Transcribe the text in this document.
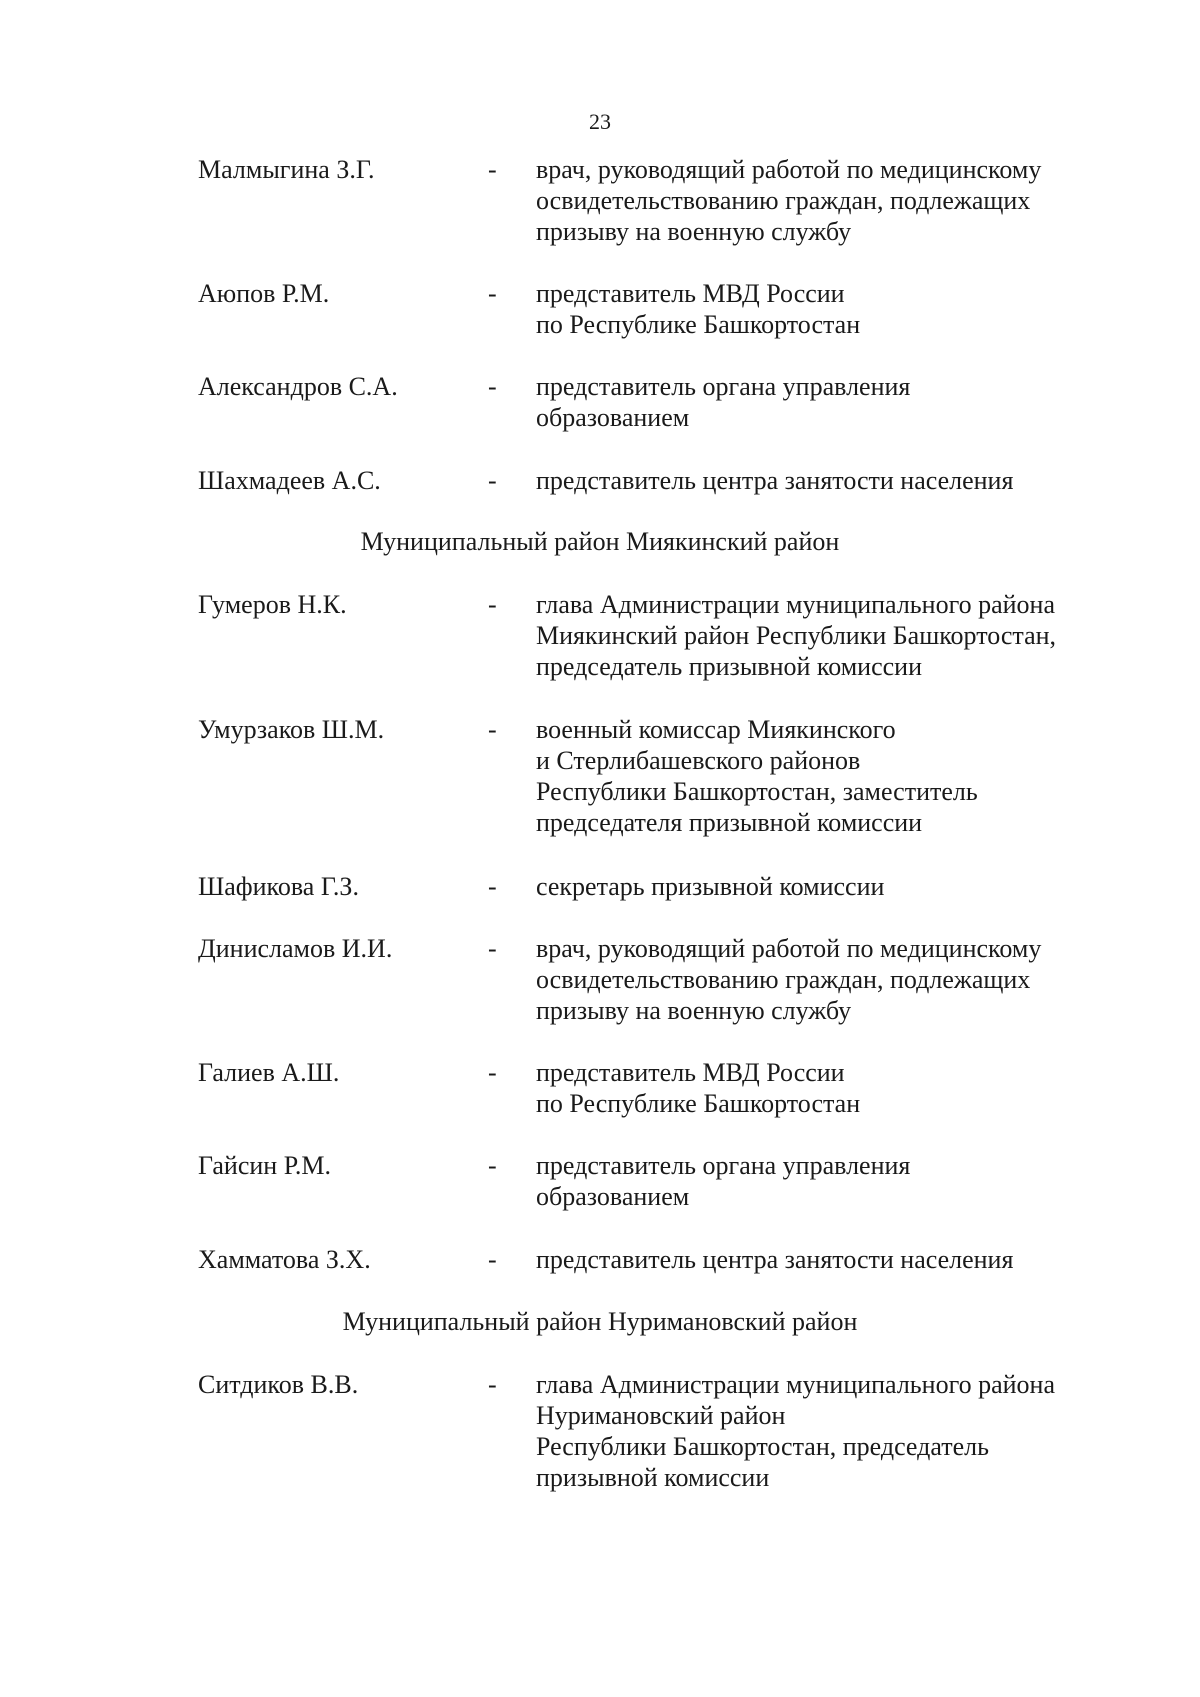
23
Малмыгина З.Г.	- врач, руководящий работой по медицинскому
освидетельствованию граждан, подлежащих
призыву на военную службу
Аюпов Р.М.	- представитель МВД России
по Республике Башкортостан
Александров С.А.	- представитель органа управления
образованием
Шахмадеев А.С.	- представитель центра занятости населения
Муниципальный район Миякинский район
Гумеров Н.К.	- глава Администрации муниципального района
Миякинский район Республики Башкортостан,
председатель призывной комиссии
Умурзаков Ш.М.	- военный комиссар Миякинского
и Стерлибашевского районов
Республики Башкортостан, заместитель
председателя призывной комиссии
Шафикова Г.З.	- секретарь призывной комиссии
Динисламов И.И.	- врач, руководящий работой по медицинскому
освидетельствованию граждан, подлежащих
призыву на военную службу
Галиев А.Ш.	- представитель МВД России
по Республике Башкортостан
Гайсин Р.М.	- представитель органа управления
образованием
Хамматова З.Х.	- представитель центра занятости населения
Муниципальный район Нуримановский район
Ситдиков В.В.	- глава Администрации муниципального района
Нуримановский район
Республики Башкортостан, председатель
призывной комиссии
